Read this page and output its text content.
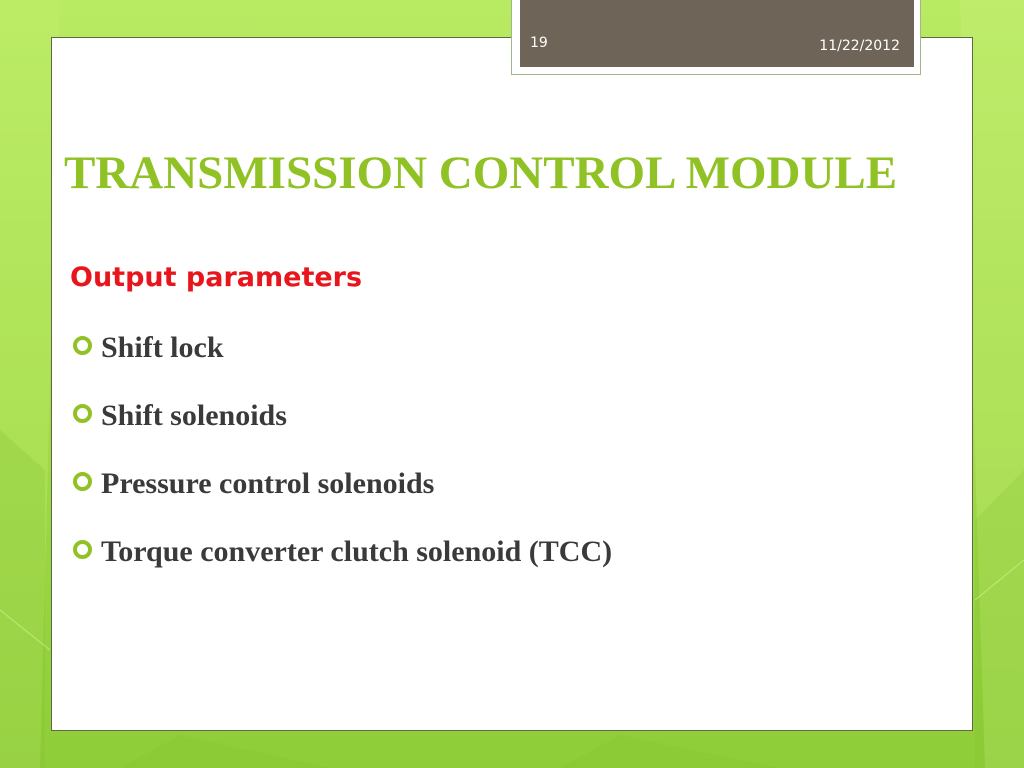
19	11/22/2012
TRANSMISSION CONTROL MODULE
Output parameters
Shift lock
Shift solenoids
Pressure control solenoids
Torque converter clutch solenoid (TCC)
